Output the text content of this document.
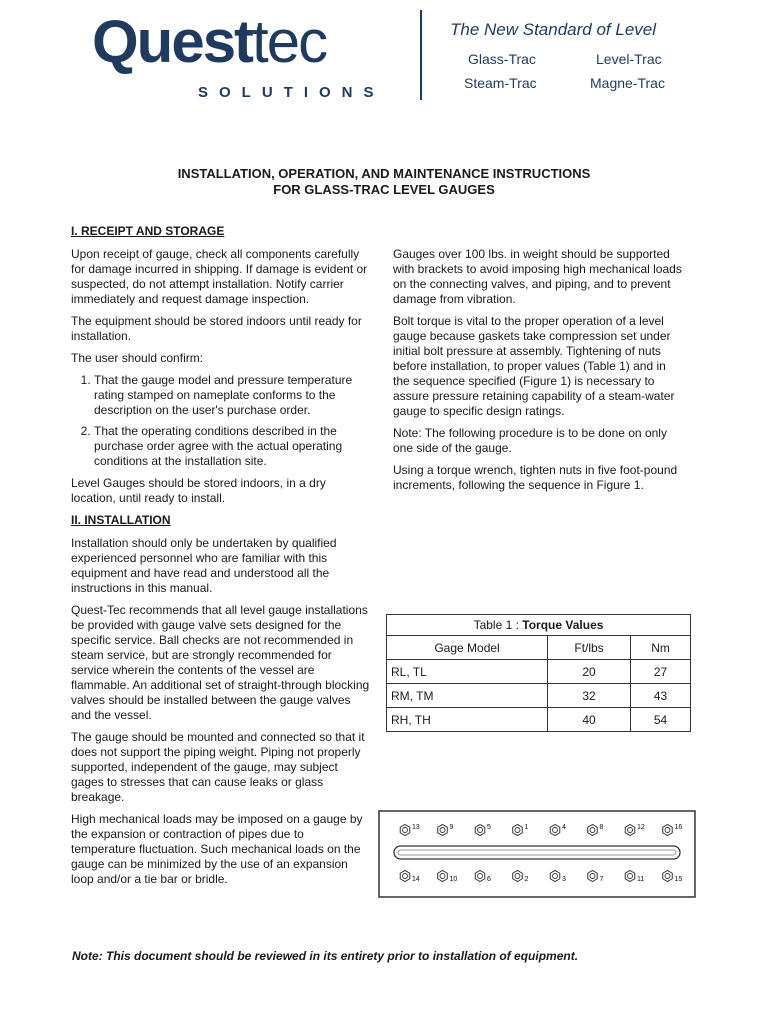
Questtec
SOLUTIONS
The New Standard of Level
Glass-Trac	Level-Trac
Steam-Trac	Magne-Trac
INSTALLATION, OPERATION, AND MAINTENANCE INSTRUCTIONS
FOR GLASS-TRAC LEVEL GAUGES
I. RECEIPT AND STORAGE

Upon receipt of gauge, check all components carefully for damage incurred in shipping. If damage is evident or suspected, do not attempt installation. Notify carrier immediately and request damage inspection.

The equipment should be stored indoors until ready for installation.

The user should confirm:

1. That the gauge model and pressure temperature rating stamped on nameplate conforms to the description on the user's purchase order.
2. That the operating conditions described in the purchase order agree with the actual operating conditions at the installation site.

Level Gauges should be stored indoors, in a dry location, until ready to install.

II. INSTALLATION

Installation should only be undertaken by qualified experienced personnel who are familiar with this equipment and have read and understood all the instructions in this manual.

Quest-Tec recommends that all level gauge installations be provided with gauge valve sets designed for the specific service. Ball checks are not recommended in steam service, but are strongly recommended for service wherein the contents of the vessel are flammable. An additional set of straight-through blocking valves should be installed between the gauge valves and the vessel.

The gauge should be mounted and connected so that it does not support the piping weight. Piping not properly supported, independent of the gauge, may subject gages to stresses that can cause leaks or glass breakage.

High mechanical loads may be imposed on a gauge by the expansion or contraction of pipes due to temperature fluctuation. Such mechanical loads on the gauge can be minimized by the use of an expansion loop and/or a tie bar or bridle.

Gauges over 100 lbs. in weight should be supported with brackets to avoid imposing high mechanical loads on the connecting valves, and piping, and to prevent damage from vibration.

Bolt torque is vital to the proper operation of a level gauge because gaskets take compression set under initial bolt pressure at assembly. Tightening of nuts before installation, to proper values (Table 1) and in the sequence specified (Figure 1) is necessary to assure pressure retaining capability of a steam-water gauge to specific design ratings.

Note: The following procedure is to be done on only one side of the gauge.

Using a torque wrench, tighten nuts in five foot-pound increments, following the sequence in Figure 1.

Table 1 : Torque Values
Gage Model	Ft/lbs	Nm
RL, TL	20	27
RM, TM	32	43
RH, TH	40	54
13	9	5	1	4	8	12	16
14	10	6	2	3	7	11	15
Note: This document should be reviewed in its entirety prior to installation of equipment.
